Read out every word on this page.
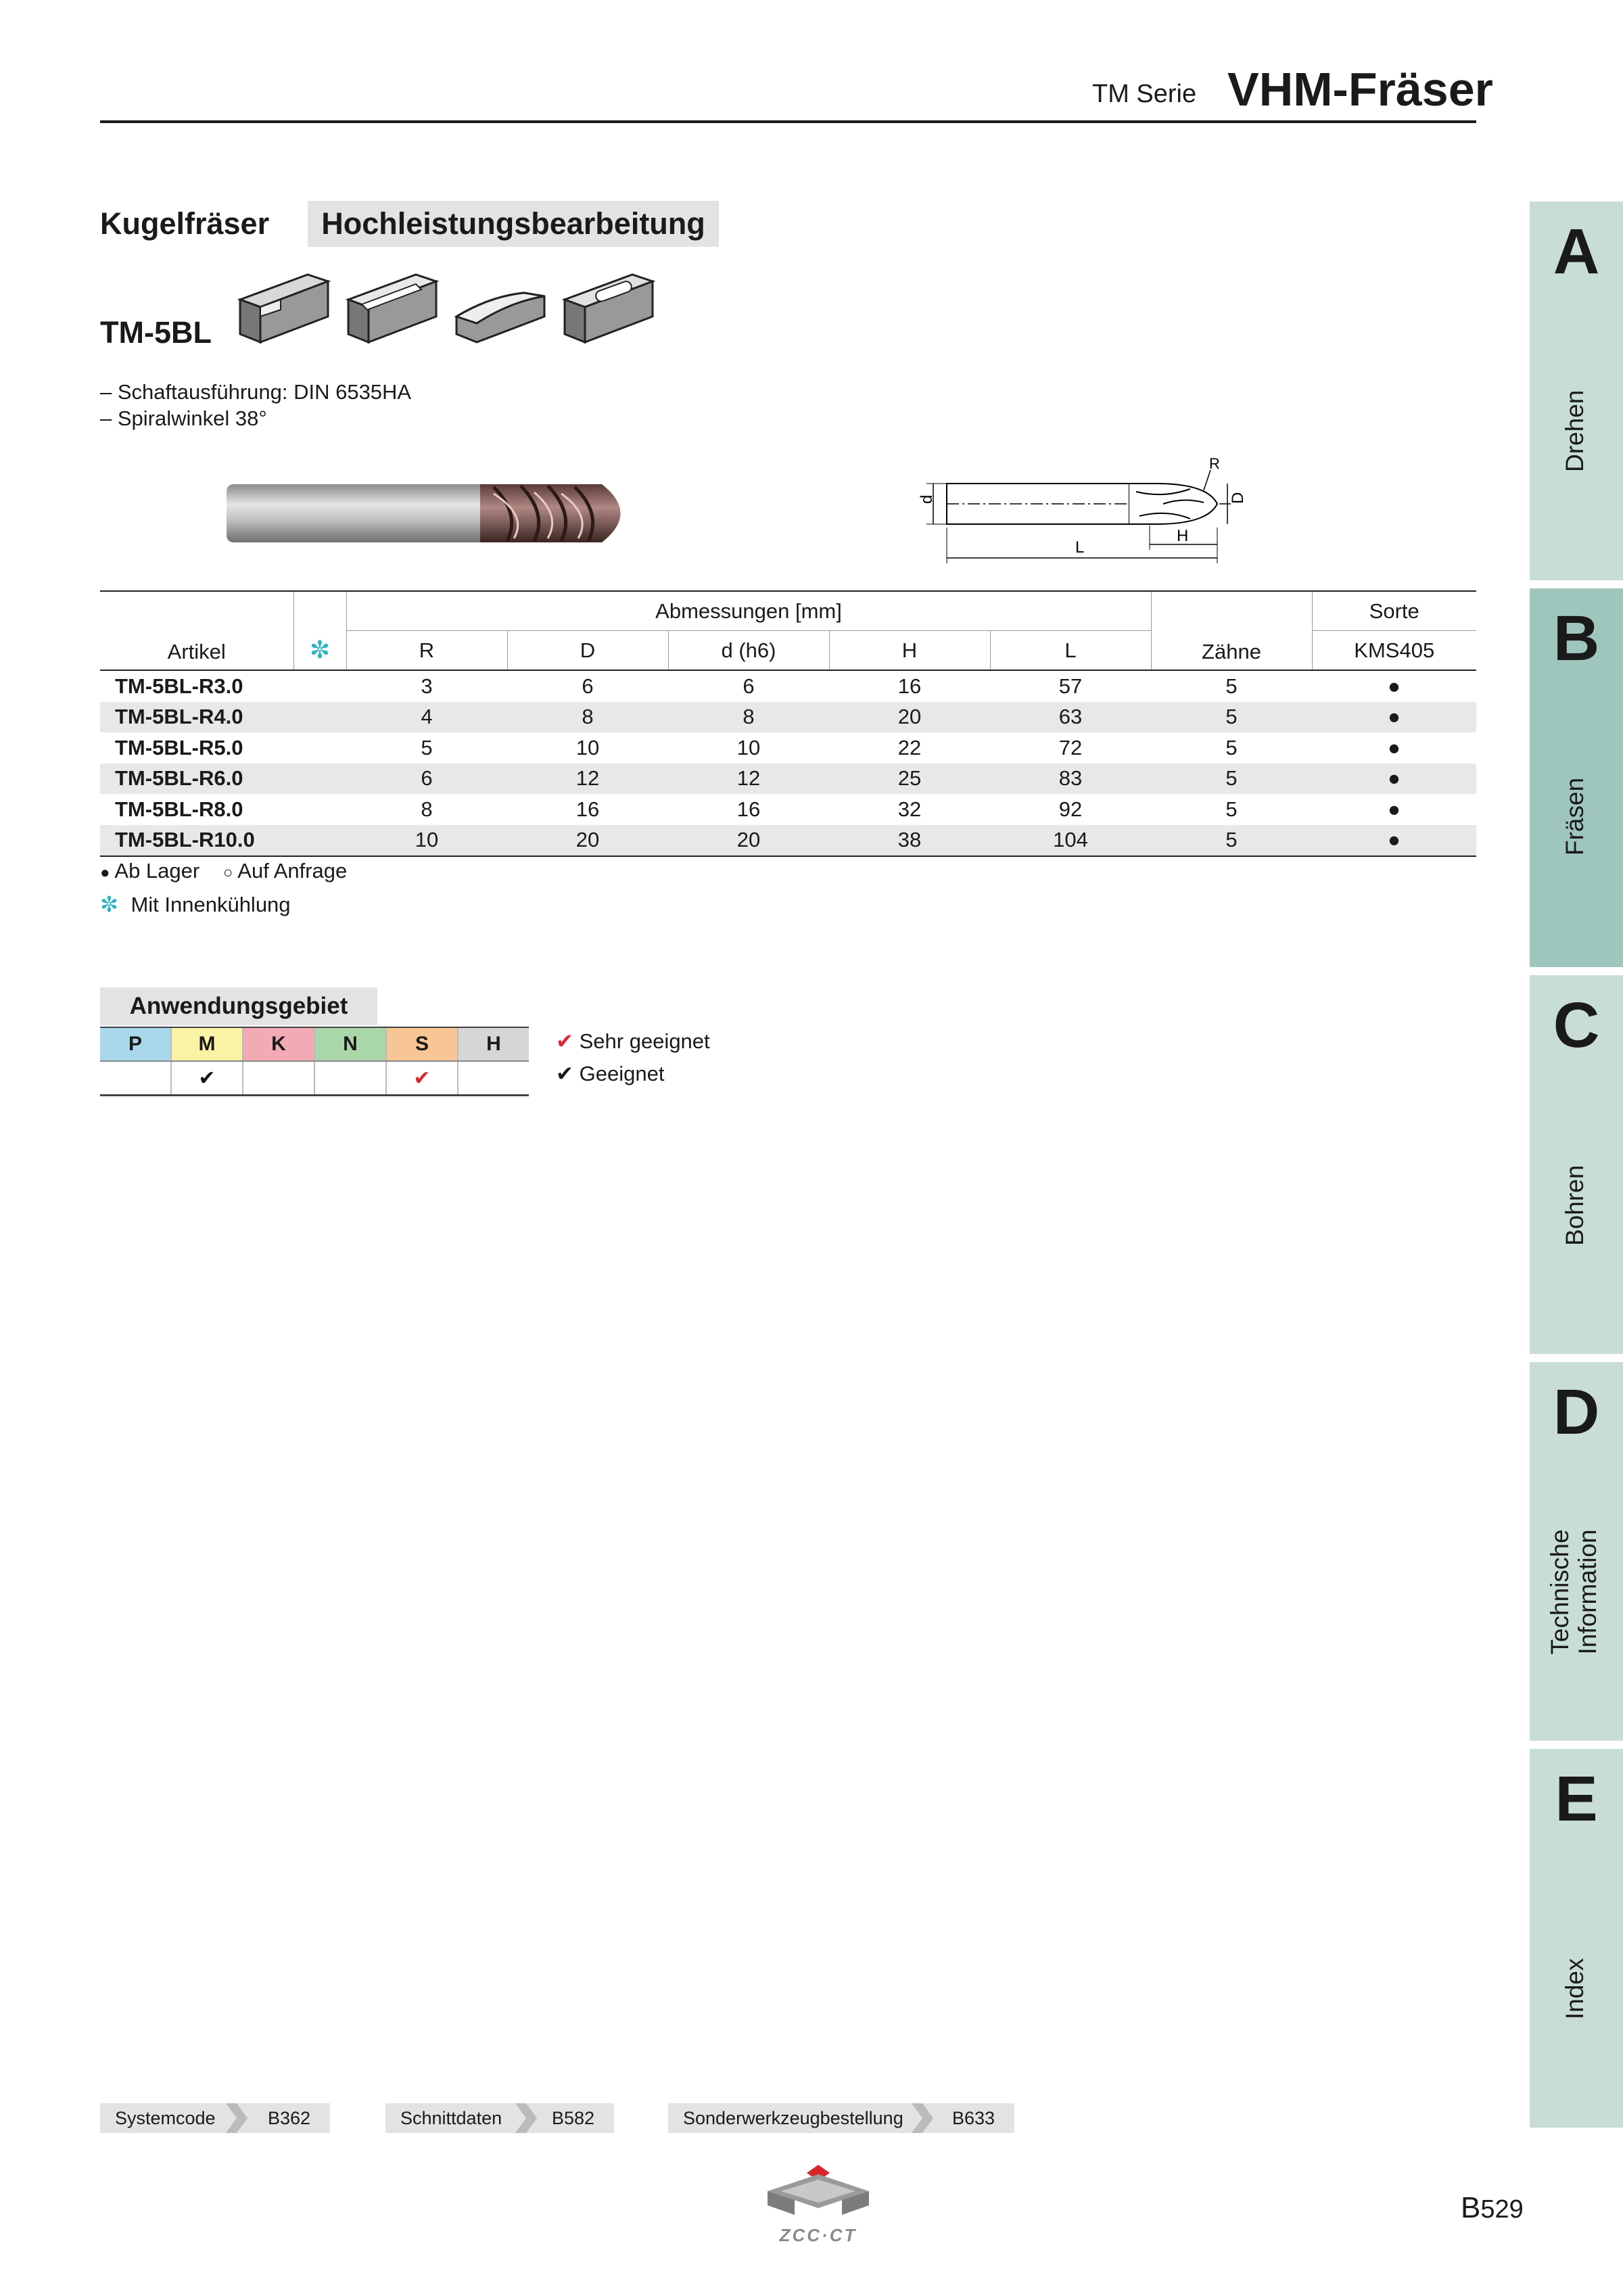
TM Serie VHM-Fräser
Kugelfräser	Hochleistungsbearbeitung
TM-5BL
– Schaftausführung: DIN 6535HA
– Spiralwinkel 38°
R
d	D
L
H
Artikel	✼	Abmessungen [mm]					Zähne	Sorte
		R	D	d (h6)	H	L		KMS405
TM-5BL-R3.0		3	6	6	16	57	5	●
TM-5BL-R4.0		4	8	8	20	63	5	●
TM-5BL-R5.0		5	10	10	22	72	5	●
TM-5BL-R6.0		6	12	12	25	83	5	●
TM-5BL-R8.0		8	16	16	32	92	5	●
TM-5BL-R10.0		10	20	20	38	104	5	●
● Ab Lager ○ Auf Anfrage
✼ Mit Innenkühlung
Anwendungsgebiet
P	M	K	N	S	H
	✔			✔	
✔ Sehr geeignet
✔ Geeignet
A
Drehen
B
Fräsen
C
Bohren
D
Technische Information
E
Index
Systemcode	B362	Schnittdaten	B582	Sonderwerkzeugbestellung	B633
ZCC·CT
B529
